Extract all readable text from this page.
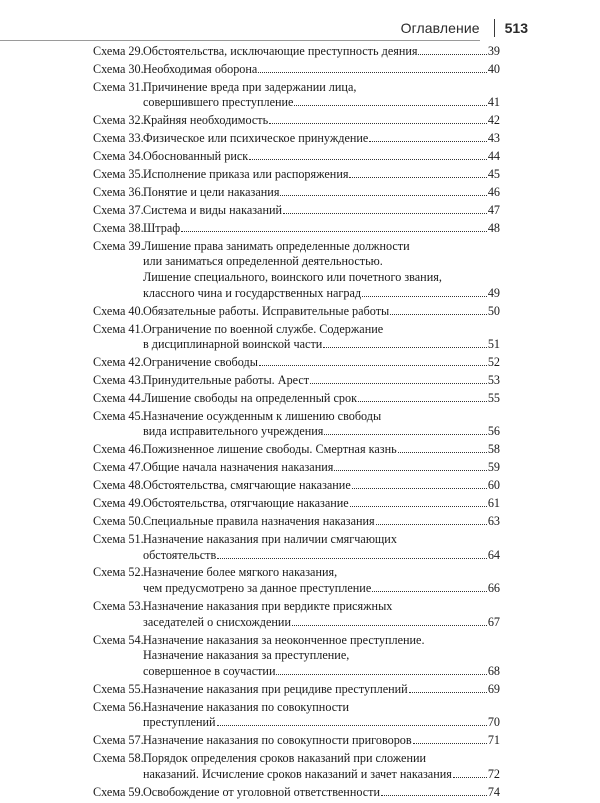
Оглавление 513
Схема 29. Обстоятельства, исключающие преступность деяния	39
Схема 30. Необходимая оборона	40
Схема 31. Причинение вреда при задержании лица,
совершившего преступление	41
Схема 32. Крайняя необходимость	42
Схема 33. Физическое или психическое принуждение	43
Схема 34. Обоснованный риск	44
Схема 35. Исполнение приказа или распоряжения	45
Схема 36. Понятие и цели наказания	46
Схема 37. Система и виды наказаний	47
Схема 38. Штраф	48
Схема 39. Лишение права занимать определенные должности
или заниматься определенной деятельностью.
Лишение специального, воинского или почетного звания,
классного чина и государственных наград	49
Схема 40. Обязательные работы. Исправительные работы	50
Схема 41. Ограничение по военной службе. Содержание
в дисциплинарной воинской части	51
Схема 42. Ограничение свободы	52
Схема 43. Принудительные работы. Арест	53
Схема 44. Лишение свободы на определенный срок	55
Схема 45. Назначение осужденным к лишению свободы
вида исправительного учреждения	56
Схема 46. Пожизненное лишение свободы. Смертная казнь	58
Схема 47. Общие начала назначения наказания	59
Схема 48. Обстоятельства, смягчающие наказание	60
Схема 49. Обстоятельства, отягчающие наказание	61
Схема 50. Специальные правила назначения наказания	63
Схема 51. Назначение наказания при наличии смягчающих
обстоятельств	64
Схема 52. Назначение более мягкого наказания,
чем предусмотрено за данное преступление	66
Схема 53. Назначение наказания при вердикте присяжных
заседателей о снисхождении	67
Схема 54. Назначение наказания за неоконченное преступление.
Назначение наказания за преступление,
совершенное в соучастии	68
Схема 55. Назначение наказания при рецидиве преступлений	69
Схема 56. Назначение наказания по совокупности
преступлений	70
Схема 57. Назначение наказания по совокупности приговоров	71
Схема 58. Порядок определения сроков наказаний при сложении
наказаний. Исчисление сроков наказаний и зачет наказания	72
Схема 59. Освобождение от уголовной ответственности	74
